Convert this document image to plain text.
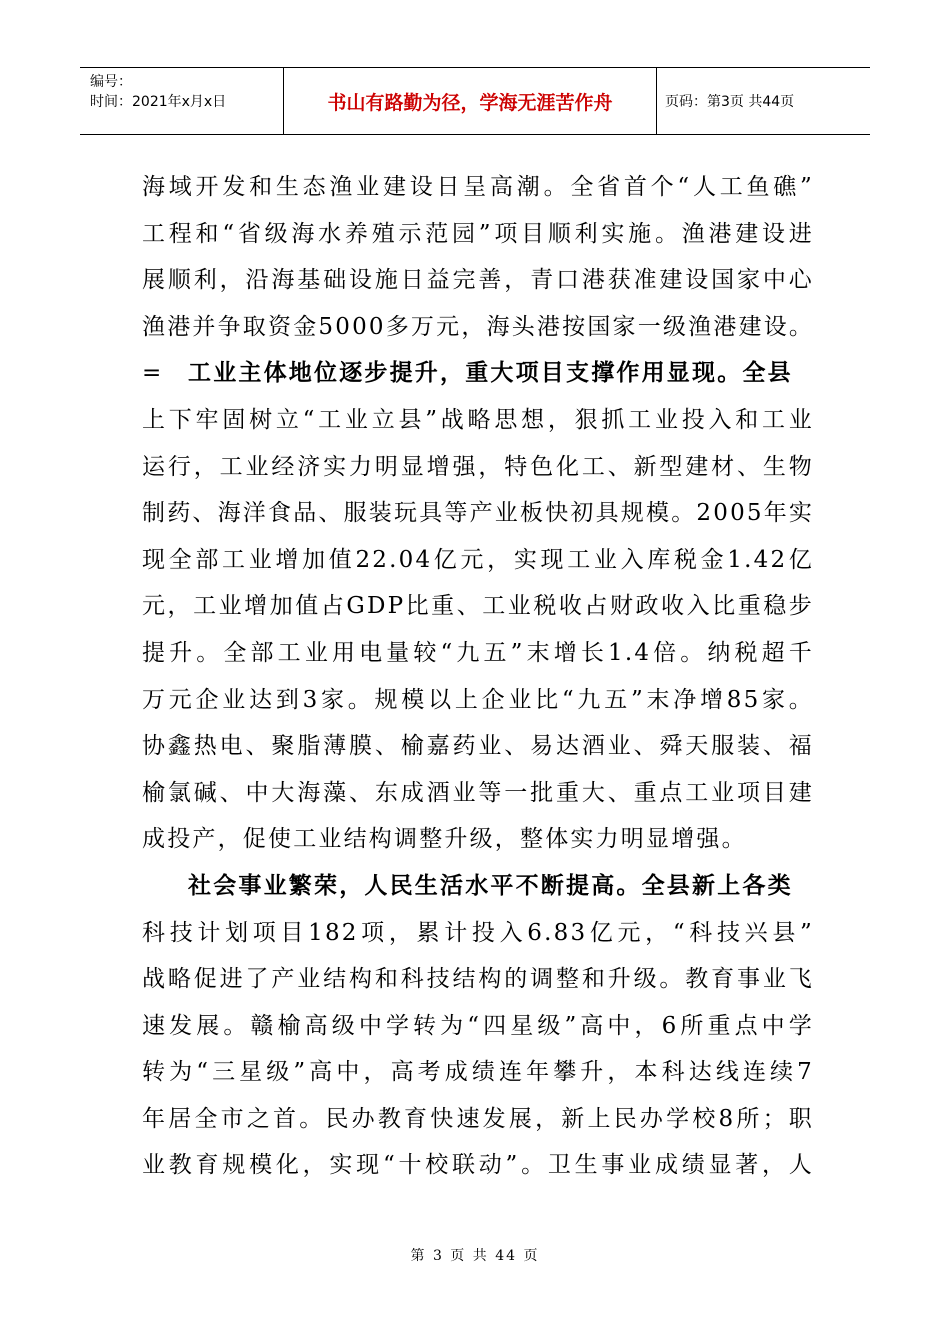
编号：
时间：2021年x月x日	书山有路勤为径，学海无涯苦作舟	页码：第3页 共44页
海域开发和生态渔业建设日呈高潮。全省首个“人工鱼礁”
工程和“省级海水养殖示范园”项目顺利实施。渔港建设进
展顺利，沿海基础设施日益完善，青口港获准建设国家中心
渔港并争取资金5000多万元，海头港按国家一级渔港建设。
= 工业主体地位逐步提升，重大项目支撑作用显现。全县
上下牢固树立“工业立县”战略思想，狠抓工业投入和工业
运行，工业经济实力明显增强，特色化工、新型建材、生物
制药、海洋食品、服装玩具等产业板快初具规模。2005年实
现全部工业增加值22.04亿元，实现工业入库税金1.42亿
元，工业增加值占GDP比重、工业税收占财政收入比重稳步
提升。全部工业用电量较“九五”末增长1.4倍。纳税超千
万元企业达到3家。规模以上企业比“九五”末净增85家。
协鑫热电、聚脂薄膜、榆嘉药业、易达酒业、舜天服装、福
榆氯碱、中大海藻、东成酒业等一批重大、重点工业项目建
成投产，促使工业结构调整升级，整体实力明显增强。
社会事业繁荣，人民生活水平不断提高。全县新上各类
科技计划项目182项，累计投入6.83亿元，“科技兴县”
战略促进了产业结构和科技结构的调整和升级。教育事业飞
速发展。赣榆高级中学转为“四星级”高中，6所重点中学
转为“三星级”高中，高考成绩连年攀升，本科达线连续7
年居全市之首。民办教育快速发展，新上民办学校8所；职
业教育规模化，实现“十校联动”。卫生事业成绩显著，人
第 3 页 共 44 页
